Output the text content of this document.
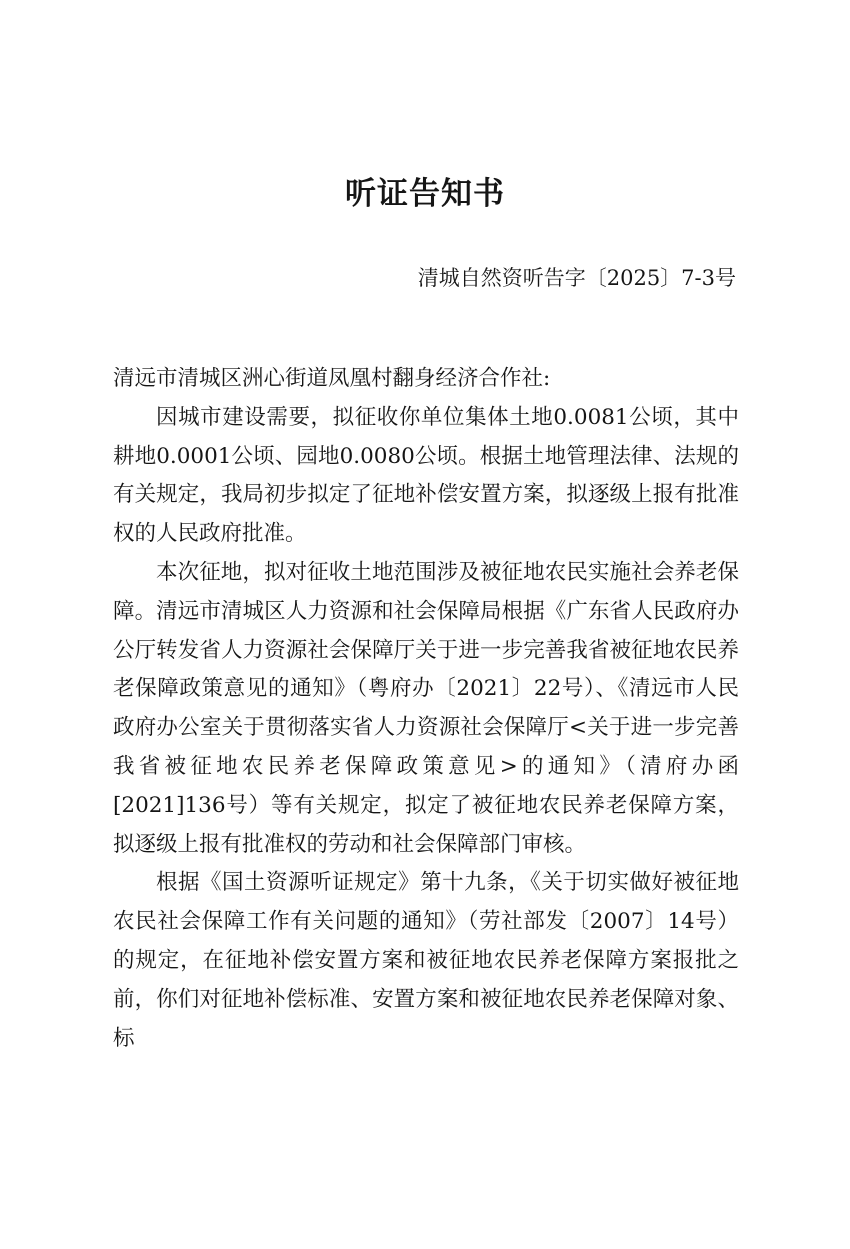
听证告知书
清城自然资听告字〔2025〕7-3号

清远市清城区洲心街道凤凰村翻身经济合作社:

因城市建设需要，拟征收你单位集体土地0.0081公顷，其中耕地0.0001公顷、园地0.0080公顷。根据土地管理法律、法规的有关规定，我局初步拟定了征地补偿安置方案，拟逐级上报有批准权的人民政府批准。

本次征地，拟对征收土地范围涉及被征地农民实施社会养老保障。清远市清城区人力资源和社会保障局根据《广东省人民政府办公厅转发省人力资源社会保障厅关于进一步完善我省被征地农民养老保障政策意见的通知》（粤府办〔2021〕22号）、《清远市人民政府办公室关于贯彻落实省人力资源社会保障厅<关于进一步完善我省被征地农民养老保障政策意见>的通知》（清府办函[2021]136号）等有关规定，拟定了被征地农民养老保障方案，拟逐级上报有批准权的劳动和社会保障部门审核。

根据《国土资源听证规定》第十九条，《关于切实做好被征地农民社会保障工作有关问题的通知》（劳社部发〔2007〕14号）的规定，在征地补偿安置方案和被征地农民养老保障方案报批之前，你们对征地补偿标准、安置方案和被征地农民养老保障对象、标
